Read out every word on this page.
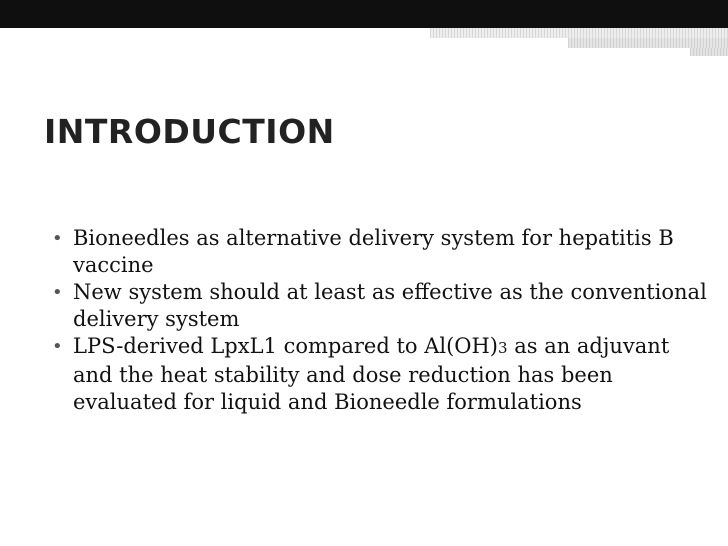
INTRODUCTION
• Bioneedles as alternative delivery system for hepatitis B vaccine
• New system should at least as effective as the conventional delivery system
• LPS-derived LpxL1 compared to Al(OH)3 as an adjuvant and the heat stability and dose reduction has been evaluated for liquid and Bioneedle formulations
